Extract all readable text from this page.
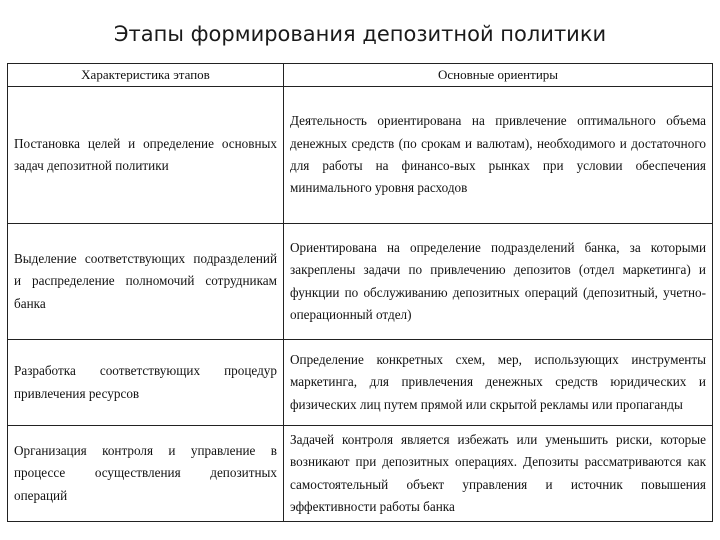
Этапы формирования депозитной политики
Характеристика этапов	Основные ориентиры
Постановка целей и определение основных задач депозитной политики	Деятельность ориентирована на привлечение оптимального объема денежных средств (по срокам и валютам), необходимого и достаточного для работы на финансо-вых рынках при условии обеспечения минимального уровня расходов
Выделение соответствующих подразделений и распределение полномочий сотрудникам банка	Ориентирована на определение подразделений банка, за которыми закреплены задачи по привлечению депозитов (отдел маркетинга) и функции по обслуживанию депозитных операций (депозитный, учетно-операционный отдел)
Разработка соответствующих процедур привлечения ресурсов	Определение конкретных схем, мер, использующих инструменты маркетинга, для привлечения денежных средств юридических и физических лиц путем прямой или скрытой рекламы или пропаганды
Организация контроля и управление в процессе осуществления депозитных операций	Задачей контроля является избежать или уменьшить риски, которые возникают при депозитных операциях. Депозиты рассматриваются как самостоятельный объект управления и источник повышения эффективности работы банка
